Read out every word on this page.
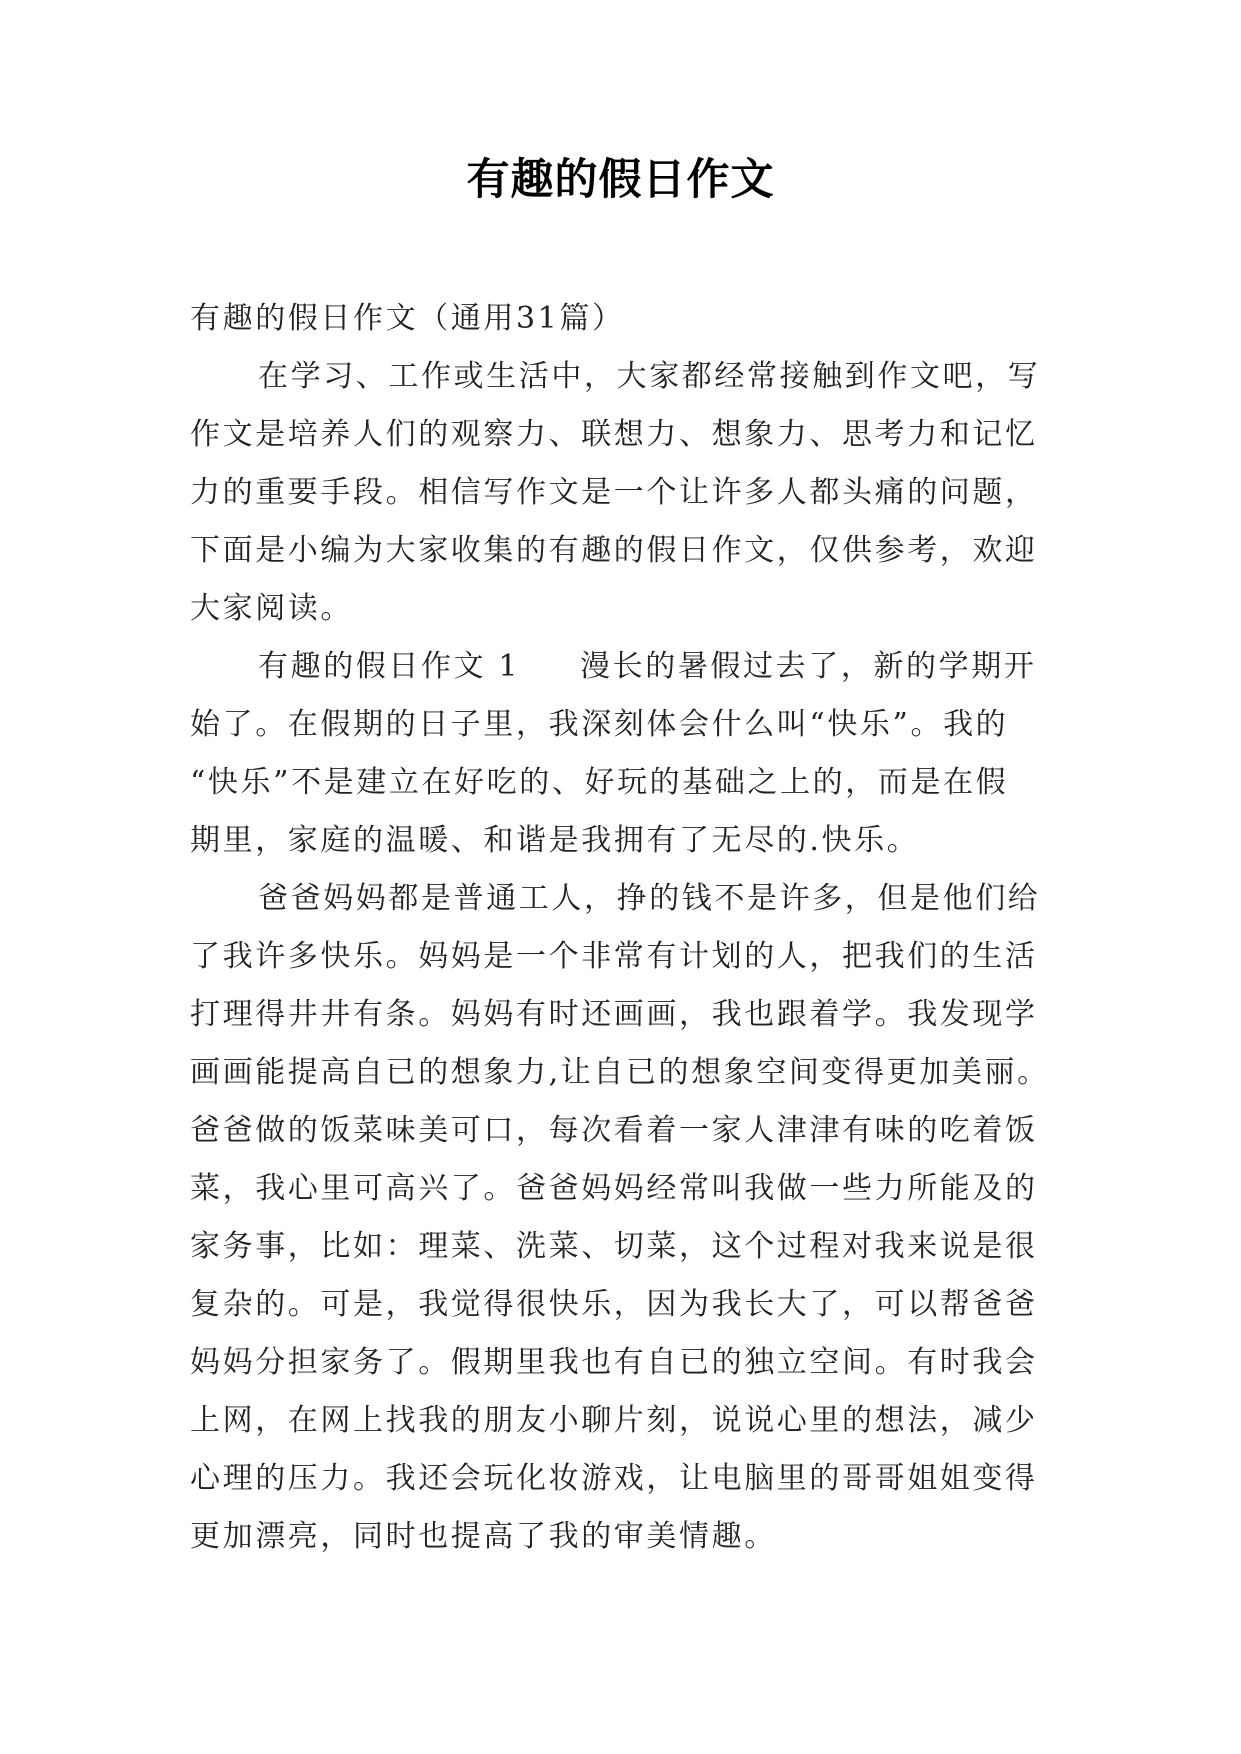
有趣的假日作文
有趣的假日作文（通用31篇）
在学习、工作或生活中，大家都经常接触到作文吧，写
作文是培养人们的观察力、联想力、想象力、思考力和记忆
力的重要手段。相信写作文是一个让许多人都头痛的问题，
下面是小编为大家收集的有趣的假日作文，仅供参考，欢迎
大家阅读。
有趣的假日作文 1 漫长的暑假过去了，新的学期开
始了。在假期的日子里，我深刻体会什么叫“快乐”。我的
“快乐”不是建立在好吃的、好玩的基础之上的，而是在假
期里，家庭的温暖、和谐是我拥有了无尽的.快乐。
爸爸妈妈都是普通工人，挣的钱不是许多，但是他们给
了我许多快乐。妈妈是一个非常有计划的人，把我们的生活
打理得井井有条。妈妈有时还画画，我也跟着学。我发现学
画画能提高自已的想象力,让自已的想象空间变得更加美丽。
爸爸做的饭菜味美可口，每次看着一家人津津有味的吃着饭
菜，我心里可高兴了。爸爸妈妈经常叫我做一些力所能及的
家务事，比如：理菜、洗菜、切菜，这个过程对我来说是很
复杂的。可是，我觉得很快乐，因为我长大了，可以帮爸爸
妈妈分担家务了。假期里我也有自已的独立空间。有时我会
上网，在网上找我的朋友小聊片刻，说说心里的想法，减少
心理的压力。我还会玩化妆游戏，让电脑里的哥哥姐姐变得
更加漂亮，同时也提高了我的审美情趣。
